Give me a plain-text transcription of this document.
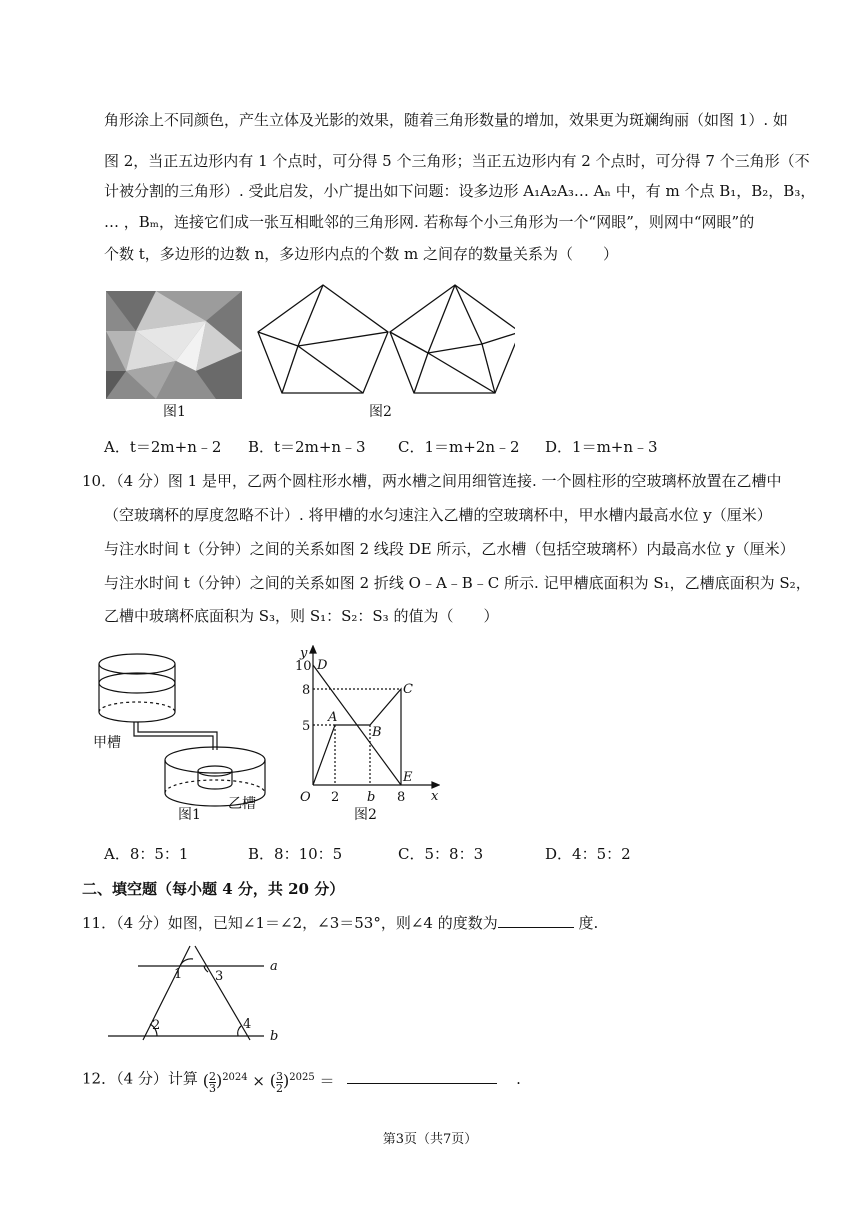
角形涂上不同颜色，产生立体及光影的效果，随着三角形数量的增加，效果更为斑斓绚丽（如图 1）. 如
图 2，当正五边形内有 1 个点时，可分得 5 个三角形；当正五边形内有 2 个点时，可分得 7 个三角形（不
计被分割的三角形）. 受此启发，小广提出如下问题：设多边形 A₁A₂A₃… Aₙ 中，有 m 个点 B₁，B₂，B₃，
… ，Bₘ，连接它们成一张互相毗邻的三角形网. 若称每个小三角形为一个“网眼”，则网中“网眼”的
个数 t，多边形的边数 n，多边形内点的个数 m 之间存的数量关系为（　　）
图1	图2
A．t＝2m+n﹣2 B．t＝2m+n﹣3 C．1＝m+2n﹣2 D．1＝m+n﹣3
10．（4 分）图 1 是甲，乙两个圆柱形水槽，两水槽之间用细管连接. 一个圆柱形的空玻璃杯放置在乙槽中
（空玻璃杯的厚度忽略不计）. 将甲槽的水匀速注入乙槽的空玻璃杯中，甲水槽内最高水位 y（厘米）
与注水时间 t（分钟）之间的关系如图 2 线段 DE 所示，乙水槽（包括空玻璃杯）内最高水位 y（厘米）
与注水时间 t（分钟）之间的关系如图 2 折线 O﹣A﹣B﹣C 所示. 记甲槽底面积为 S₁，乙槽底面积为 S₂，
乙槽中玻璃杯底面积为 S₃，则 S₁：S₂：S₃ 的值为（　　）
甲槽
乙槽
图1
y
x
O
10
8
5
2 b 8
D
A
B
C
E
图2
A．8：5：1	B．8：10：5	C．5：8：3	D．4：5：2
二、填空题（每小题 4 分，共 20 分）
11．（4 分）如图，已知∠1＝∠2，∠3＝53°，则∠4 的度数为	度.
a
b
1
2
3
4
12．（4 分）计算 ( $\frac{2}{3} )^{2024}$ × ( $\frac{3}{2} )^{2025}$ ＝	.
第3页（共7页）
